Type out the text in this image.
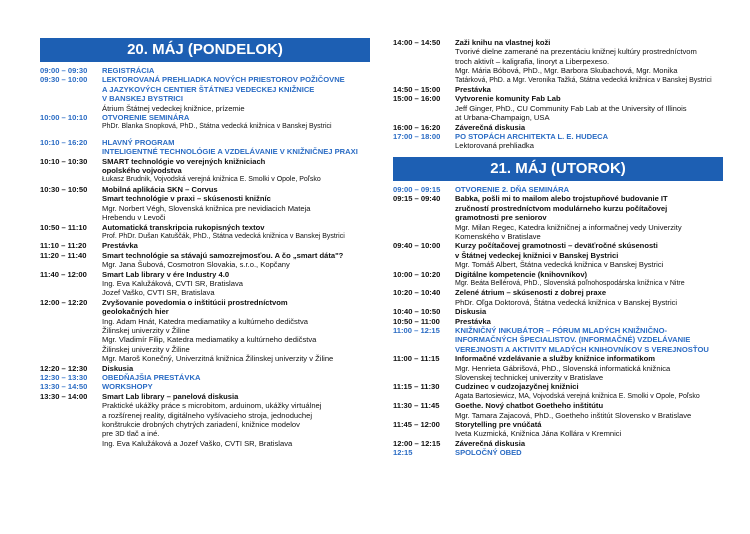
20. MÁJ (PONDELOK)
09:00 – 09:30	REGISTRÁCIA
09:30 – 10:00	LEKTOROVANÁ PREHLIADKA NOVÝCH PRIESTOROV POŽIČOVNE
A JAZYKOVÝCH CENTIER ŠTÁTNEJ VEDECKEJ KNIŽNICE
V BANSKEJ BYSTRICI
Átrium Štátnej vedeckej knižnice, prízemie
10:00 – 10:10	OTVORENIE SEMINÁRA
PhDr. Blanka Snopková, PhD., Štátna vedecká knižnica v Banskej Bystrici
10:10 – 16:20	HLAVNÝ PROGRAM
INTELIGENTNÉ TECHNOLÓGIE A VZDELÁVANIE V KNIŽNIČNEJ PRAXI
10:10 – 10:30	SMART technológie vo verejných knižniciach
opolského vojvodstva
Łukasz Brudnik, Vojvodská verejná knižnica E. Smolki v Opole, Poľsko
10:30 – 10:50	Mobilná aplikácia SKN – Corvus
Smart technológie v praxi – skúsenosti knižníc
Mgr. Norbert Végh, Slovenská knižnica pre nevidiacich Mateja
Hrebendu v Levoči
10:50 – 11:10	Automatická transkripcia rukopisných textov
Prof. PhDr. Dušan Katuščák, PhD., Štátna vedecká knižnica v Banskej Bystrici
11:10 – 11:20	Prestávka
11:20 – 11:40	Smart technológie sa stávajú samozrejmosťou. A čo „smart dáta"?
Mgr. Jana Šubová, Cosmotron Slovakia, s.r.o., Kopčany
11:40 – 12:00	Smart Lab library v ére Industry 4.0
Ing. Eva Kalužáková, CVTI SR, Bratislava
Jozef Vaško, CVTI SR, Bratislava
12:00 – 12:20	Zvyšovanie povedomia o inštitúcii prostredníctvom
geolokačných hier
Ing. Adam Hnát, Katedra mediamatiky a kultúrneho dedičstva
Žilinskej univerzity v Žiline
Mgr. Vladimír Filip, Katedra mediamatiky a kultúrneho dedičstva
Žilinskej univerzity v Žiline
Mgr. Maroš Konečný, Univerzitná knižnica Žilinskej univerzity v Žiline
12:20 – 12:30	Diskusia
12:30 – 13:30	OBEDŇAJŠIA PRESTÁVKA
13:30 – 14:50	WORKSHOPY
13:30 – 14:00	Smart Lab library – panelová diskusia
Praktické ukážky práce s microbitom, arduinom, ukážky virtuálnej
a rozšírenej reality, digitálneho vyšívacieho stroja, jednoduchej
konštrukcie drobných chytrých zariadení, knižnice modelov
pre 3D tlač a iné.
Ing. Eva Kalužáková a Jozef Vaško, CVTI SR, Bratislava
14:00 – 14:50	Zaži knihu na vlastnej koži
Tvorivé dielne zamerané na prezentáciu knižnej kultúry prostredníctvom
troch aktivít – kaligrafia, linoryt a Liberpexeso.
Mgr. Mária Bóbová, PhD., Mgr. Barbora Skubachová, Mgr. Monika
Tatárková, PhD. a Mgr. Veronika Tažká, Štátna vedecká knižnica v Banskej Bystrici
14:50 – 15:00	Prestávka
15:00 – 16:00	Vytvorenie komunity Fab Lab
Jeff Ginger, PhD., CU Community Fab Lab at the University of Illinois
at Urbana-Champaign, USA
16:00 – 16:20	Záverečná diskusia
17:00 – 18:00	PO STOPÁCH ARCHITEKTA L. E. HUDECA
Lektorovaná prehliadka
21. MÁJ (UTOROK)
09:00 – 09:15	OTVORENIE 2. DŇA SEMINÁRA
09:15 – 09:40	Babka, pošli mi to mailom alebo trojstupňové budovanie IT
zručností prostredníctvom modulárneho kurzu počítačovej
gramotnosti pre seniorov
Mgr. Milan Regec, Katedra knižničnej a informačnej vedy Univerzity
Komenského v Bratislave
09:40 – 10:00	Kurzy počítačovej gramotnosti – deväťročné skúsenosti
v Štátnej vedeckej knižnici v Banskej Bystrici
Mgr. Tomáš Albert, Štátna vedecká knižnica v Banskej Bystrici
10:00 – 10:20	Digitálne kompetencie (knihovníkov)
Mgr. Beáta Bellérová, PhD., Slovenská poľnohospodárska knižnica v Nitre
10:20 – 10:40	Zelené átrium – skúsenosti z dobrej praxe
PhDr. Oľga Doktorová, Štátna vedecká knižnica v Banskej Bystrici
10:40 – 10:50	Diskusia
10:50 – 11:00	Prestávka
11:00 – 12:15	KNIŽNIČNÝ INKUBÁTOR – FÓRUM MLADÝCH KNIŽNIČNO-
INFORMAČNÝCH ŠPECIALISTOV. (INFORMAČNÉ) VZDELÁVANIE
VEREJNOSTI A AKTIVITY MLADÝCH KNIHOVNÍKOV S VEREJNOSŤOU
11:00 – 11:15	Informačné vzdelávanie a služby knižnice informatikom
Mgr. Henrieta Gábrišová, PhD., Slovenská informatická knižnica
Slovenskej technickej univerzity v Bratislave
11:15 – 11:30	Cudzinec v cudzojazyčnej knižnici
Agata Bartosiewicz, MA, Vojvodská verejná knižnica E. Smolki v Opole, Poľsko
11:30 – 11:45	Goethe. Nový chatbot Goetheho inštitútu
Mgr. Tamara Zajacová, PhD., Goetheho inštitút Slovensko v Bratislave
11:45 – 12:00	Storytelling pre vnúčatá
Iveta Kuzmická, Knižnica Jána Kollára v Kremnici
12:00 – 12:15	Záverečná diskusia
12:15	SPOLOČNÝ OBED
